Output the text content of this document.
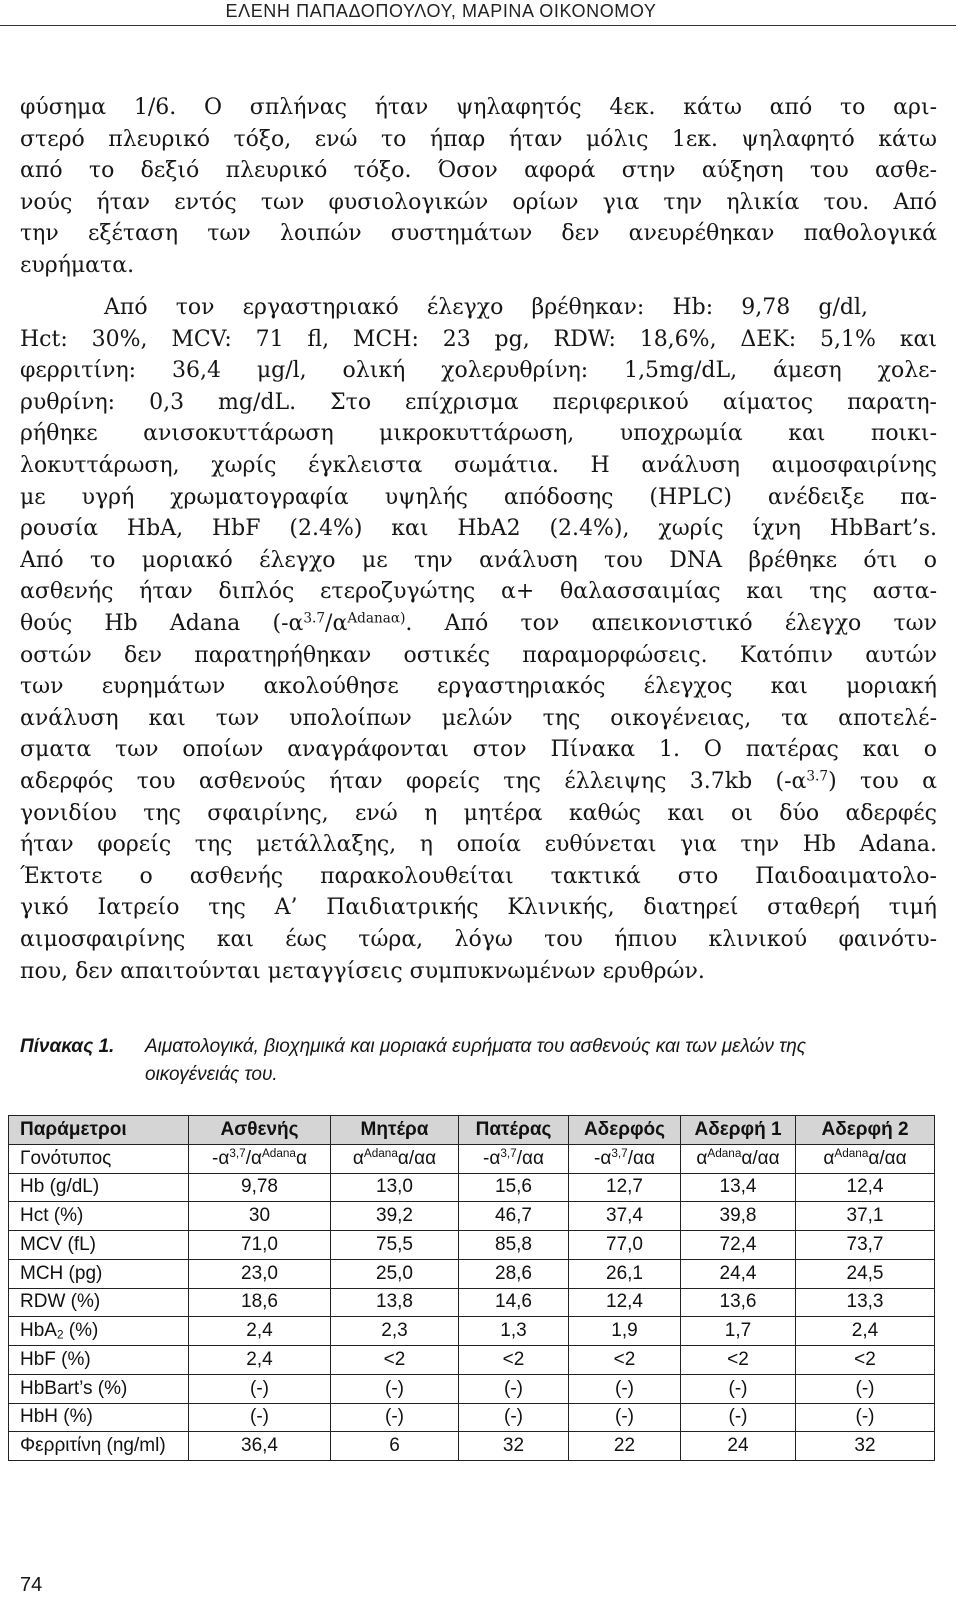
ΕΛΕΝΗ ΠΑΠΑΔΟΠΟΥΛΟΥ, ΜΑΡΙΝΑ ΟΙΚΟΝΟΜΟΥ
φύσημα 1/6. Ο σπλήνας ήταν ψηλαφητός 4εκ. κάτω από το αρι-
στερό πλευρικό τόξο, ενώ το ήπαρ ήταν μόλις 1εκ. ψηλαφητό κάτω
από το δεξιό πλευρικό τόξο. Όσον αφορά στην αύξηση του ασθε-
νούς ήταν εντός των φυσιολογικών ορίων για την ηλικία του. Από
την εξέταση των λοιπών συστημάτων δεν ανευρέθηκαν παθολογικά
ευρήματα.
Από τον εργαστηριακό έλεγχο βρέθηκαν: Hb: 9,78 g/dl,
Hct: 30%, MCV: 71 fl, MCH: 23 pg, RDW: 18,6%, ΔΕΚ: 5,1% και
φερριτίνη: 36,4 μg/l, ολική χολερυθρίνη: 1,5mg/dL, άμεση χολε-
ρυθρίνη: 0,3 mg/dL. Στο επίχρισμα περιφερικού αίματος παρατη-
ρήθηκε ανισοκυττάρωση μικροκυττάρωση, υποχρωμία και ποικι-
λοκυττάρωση, χωρίς έγκλειστα σωμάτια. Η ανάλυση αιμοσφαιρίνης
με υγρή χρωματογραφία υψηλής απόδοσης (HPLC) ανέδειξε πα-
ρουσία HbA, HbF (2.4%) και HbA2 (2.4%), χωρίς ίχνη HbBart’s.
Από το μοριακό έλεγχο με την ανάλυση του DNA βρέθηκε ότι ο
ασθενής ήταν διπλός ετεροζυγώτης α+ θαλασσαιμίας και της αστα-
θούς Hb Adana ($-\alpha^{3.7}/\alpha^{Adana\alpha)}$. Από τον απεικονιστικό έλεγχο των
οστών δεν παρατηρήθηκαν οστικές παραμορφώσεις. Κατόπιν αυτών
των ευρημάτων ακολούθησε εργαστηριακός έλεγχος και μοριακή
ανάλυση και των υπολοίπων μελών της οικογένειας, τα αποτελέ-
σματα των οποίων αναγράφονται στον Πίνακα 1. Ο πατέρας και ο
αδερφός του ασθενούς ήταν φορείς της έλλειψης 3.7kb $(-\alpha^{3.7})$ του α
γονιδίου της σφαιρίνης, ενώ η μητέρα καθώς και οι δύο αδερφές
ήταν φορείς της μετάλλαξης, η οποία ευθύνεται για την Hb Adana.
Έκτοτε ο ασθενής παρακολουθείται τακτικά στο Παιδοαιματολο-
γικό Ιατρείο της Α’ Παιδιατρικής Κλινικής, διατηρεί σταθερή τιμή
αιμοσφαιρίνης και έως τώρα, λόγω του ήπιου κλινικού φαινότυ-
που, δεν απαιτούνται μεταγγίσεις συμπυκνωμένων ερυθρών.
Πίνακας 1. Αιματολογικά, βιοχημικά και μοριακά ευρήματα του ασθενούς και των μελών της
οικογένειάς του.
Παράμετροι	Ασθενής	Μητέρα	Πατέρας	Αδερφός	Αδερφή 1	Αδερφή 2
Γονότυπος	$-\alpha^{3,7}/\alpha^{Adana}\alpha$	$\alpha^{Adana}\alpha/\alpha\alpha$	$-\alpha^{3,7}/\alpha\alpha$	$-\alpha^{3,7}/\alpha\alpha$	$\alpha^{Adana}\alpha/\alpha\alpha$	$\alpha^{Adana}\alpha/\alpha\alpha$
Hb (g/dL)	9,78	13,0	15,6	12,7	13,4	12,4
Hct (%)	30	39,2	46,7	37,4	39,8	37,1
MCV (fL)	71,0	75,5	85,8	77,0	72,4	73,7
MCH (pg)	23,0	25,0	28,6	26,1	24,4	24,5
RDW (%)	18,6	13,8	14,6	12,4	13,6	13,3
HbA$_2$ (%)	2,4	2,3	1,3	1,9	1,7	2,4
HbF (%)	2,4	<2	<2	<2	<2	<2
HbBart’s (%)	(-)	(-)	(-)	(-)	(-)	(-)
HbH (%)	(-)	(-)	(-)	(-)	(-)	(-)
Φερριτίνη (ng/ml)	36,4	6	32	22	24	32
74
